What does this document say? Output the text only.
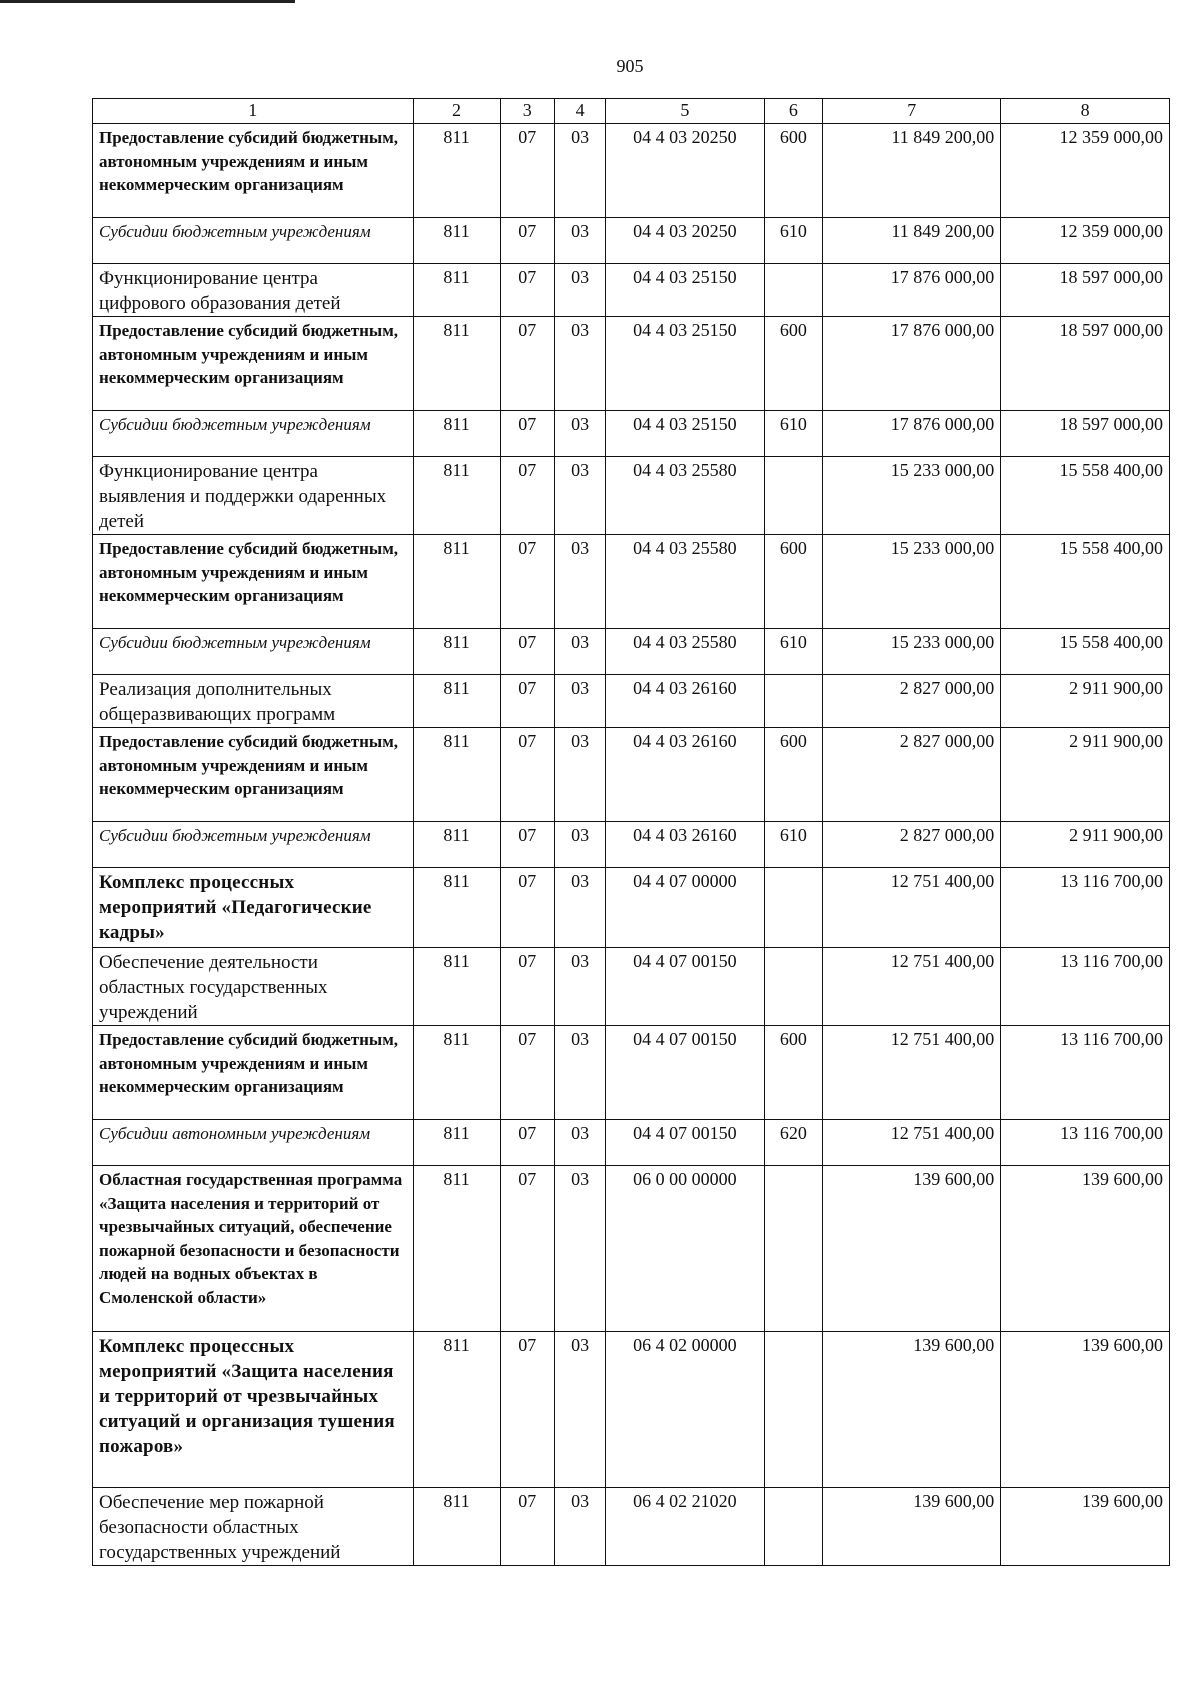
905
1	2	3	4	5	6	7	8
Предоставление субсидий бюджетным, автономным учреждениям и иным некоммерческим организациям	811	07	03	04 4 03 20250	600	11 849 200,00	12 359 000,00
Субсидии бюджетным учреждениям	811	07	03	04 4 03 20250	610	11 849 200,00	12 359 000,00
Функционирование центра цифрового образования детей	811	07	03	04 4 03 25150		17 876 000,00	18 597 000,00
Предоставление субсидий бюджетным, автономным учреждениям и иным некоммерческим организациям	811	07	03	04 4 03 25150	600	17 876 000,00	18 597 000,00
Субсидии бюджетным учреждениям	811	07	03	04 4 03 25150	610	17 876 000,00	18 597 000,00
Функционирование центра выявления и поддержки одаренных детей	811	07	03	04 4 03 25580		15 233 000,00	15 558 400,00
Предоставление субсидий бюджетным, автономным учреждениям и иным некоммерческим организациям	811	07	03	04 4 03 25580	600	15 233 000,00	15 558 400,00
Субсидии бюджетным учреждениям	811	07	03	04 4 03 25580	610	15 233 000,00	15 558 400,00
Реализация дополнительных общеразвивающих программ	811	07	03	04 4 03 26160		2 827 000,00	2 911 900,00
Предоставление субсидий бюджетным, автономным учреждениям и иным некоммерческим организациям	811	07	03	04 4 03 26160	600	2 827 000,00	2 911 900,00
Субсидии бюджетным учреждениям	811	07	03	04 4 03 26160	610	2 827 000,00	2 911 900,00
Комплекс процессных мероприятий «Педагогические кадры»	811	07	03	04 4 07 00000		12 751 400,00	13 116 700,00
Обеспечение деятельности областных государственных учреждений	811	07	03	04 4 07 00150		12 751 400,00	13 116 700,00
Предоставление субсидий бюджетным, автономным учреждениям и иным некоммерческим организациям	811	07	03	04 4 07 00150	600	12 751 400,00	13 116 700,00
Субсидии автономным учреждениям	811	07	03	04 4 07 00150	620	12 751 400,00	13 116 700,00
Областная государственная программа «Защита населения и территорий от чрезвычайных ситуаций, обеспечение пожарной безопасности и безопасности людей на водных объектах в Смоленской области»	811	07	03	06 0 00 00000		139 600,00	139 600,00
Комплекс процессных мероприятий «Защита населения и территорий от чрезвычайных ситуаций и организация тушения пожаров»	811	07	03	06 4 02 00000		139 600,00	139 600,00
Обеспечение мер пожарной безопасности областных государственных учреждений	811	07	03	06 4 02 21020		139 600,00	139 600,00
